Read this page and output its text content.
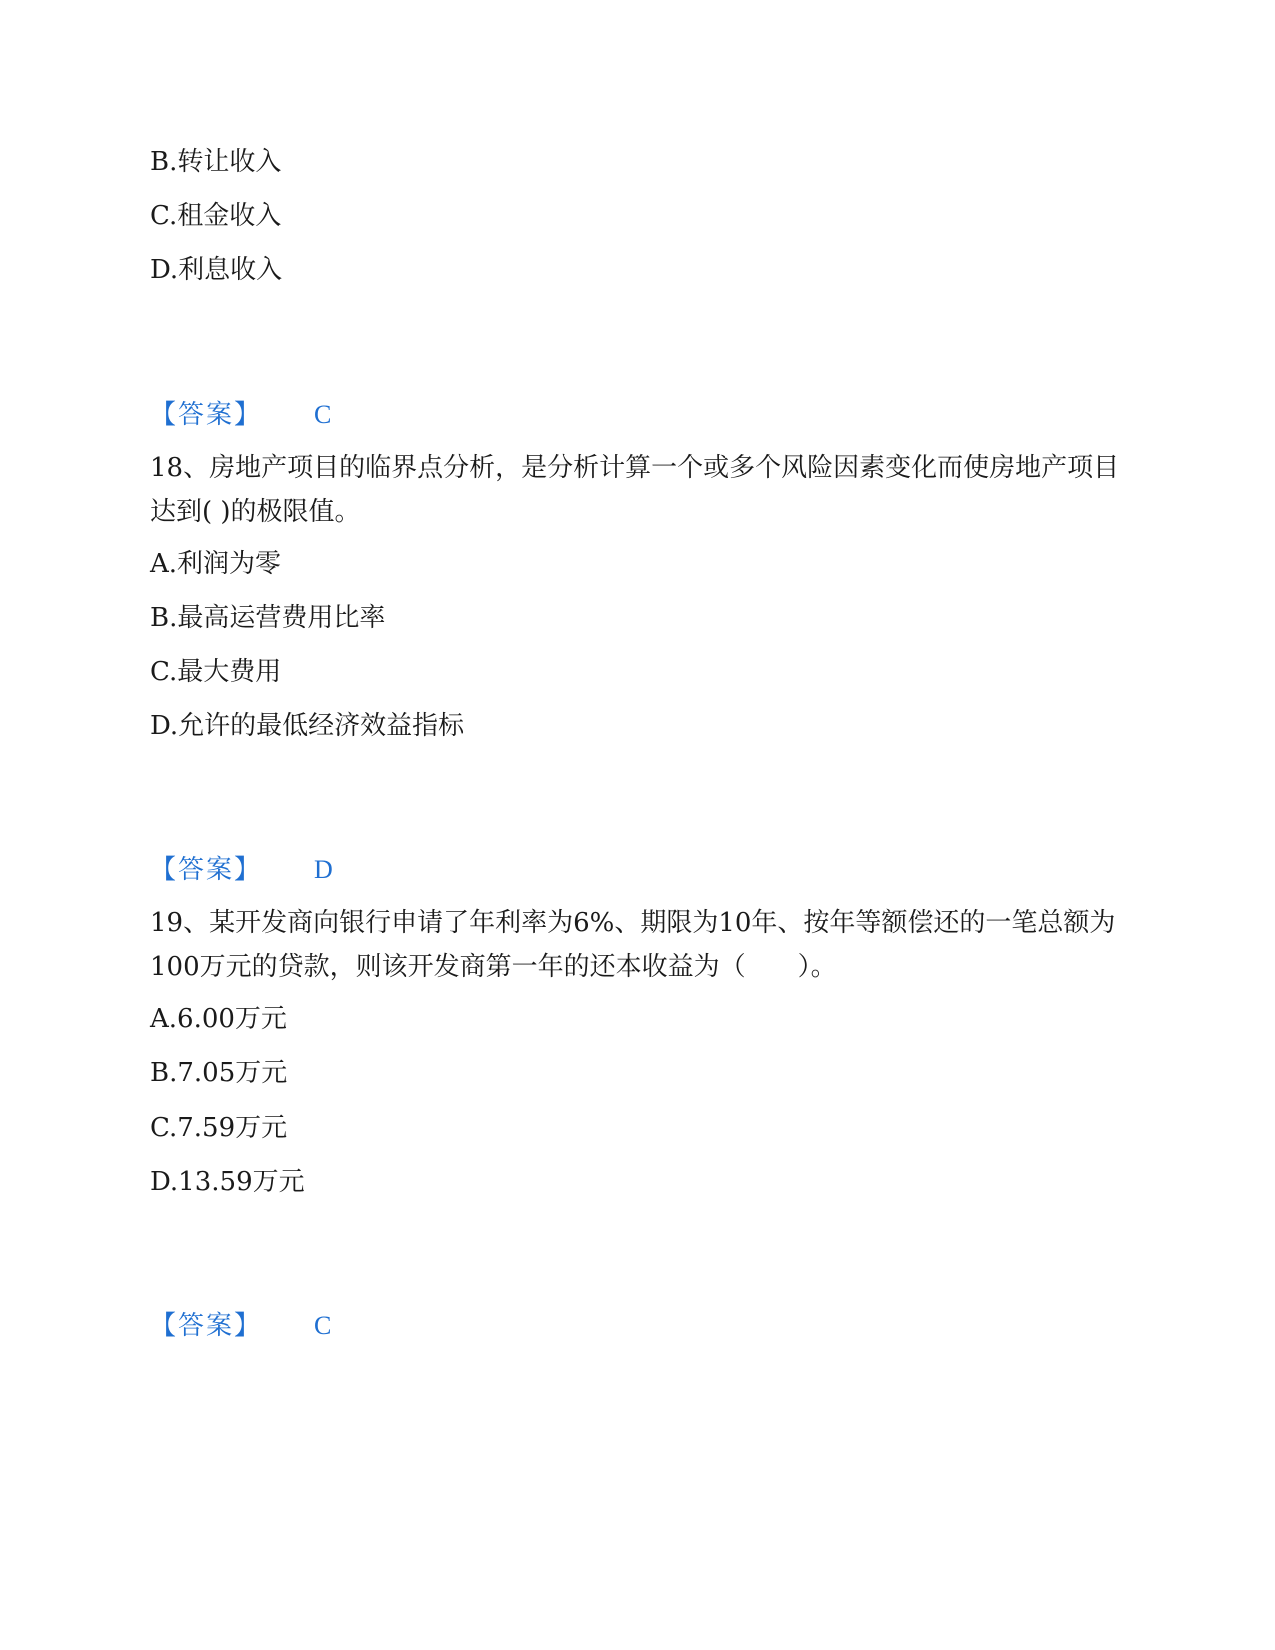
B.转让收入
C.租金收入
D.利息收入
【答案】 C
18、房地产项目的临界点分析，是分析计算一个或多个风险因素变化而使房地产项目达到( )的极限值。
A.利润为零
B.最高运营费用比率
C.最大费用
D.允许的最低经济效益指标
【答案】 D
19、某开发商向银行申请了年利率为6%、期限为10年、按年等额偿还的一笔总额为100万元的贷款，则该开发商第一年的还本收益为（　　）。
A.6.00万元
B.7.05万元
C.7.59万元
D.13.59万元
【答案】 C
